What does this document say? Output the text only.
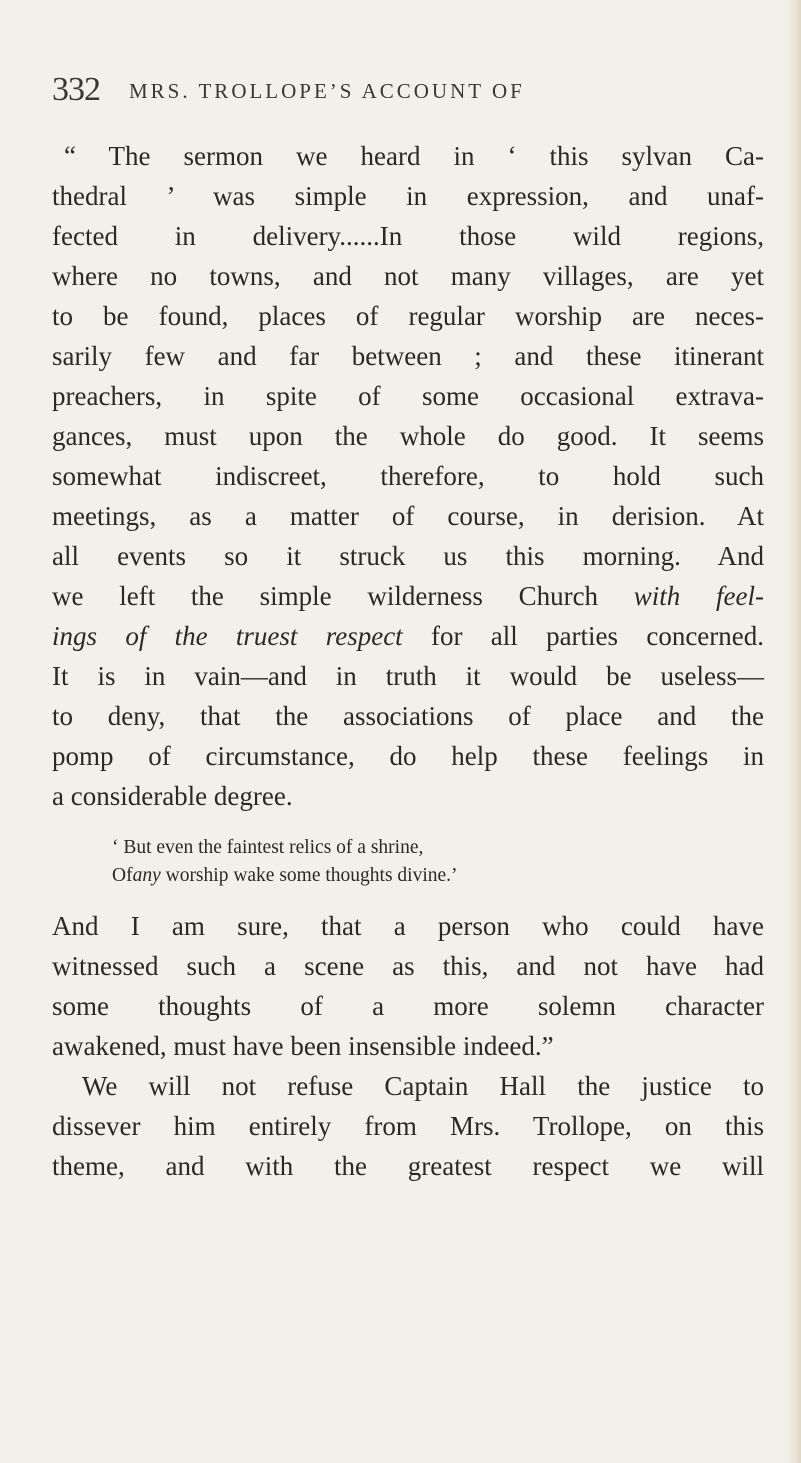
332 MRS. TROLLOPE’S ACCOUNT OF
“ The sermon we heard in ‘ this sylvan Ca-
thedral ’ was simple in expression, and unaf-
fected in delivery......In those wild regions,
where no towns, and not many villages, are yet
to be found, places of regular worship are neces-
sarily few and far between ; and these itinerant
preachers, in spite of some occasional extrava-
gances, must upon the whole do good. It seems
somewhat indiscreet, therefore, to hold such
meetings, as a matter of course, in derision. At
all events so it struck us this morning. And
we left the simple wilderness Church with feel-
ings of the truest respect for all parties concerned.
It is in vain—and in truth it would be useless—
to deny, that the associations of place and the
pomp of circumstance, do help these feelings in
a considerable degree.
‘ But even the faintest relics of a shrine,
Ofany worship wake some thoughts divine.’
And I am sure, that a person who could have
witnessed such a scene as this, and not have had
some thoughts of a more solemn character
awakened, must have been insensible indeed.”
We will not refuse Captain Hall the justice to
dissever him entirely from Mrs. Trollope, on this
theme, and with the greatest respect we will
